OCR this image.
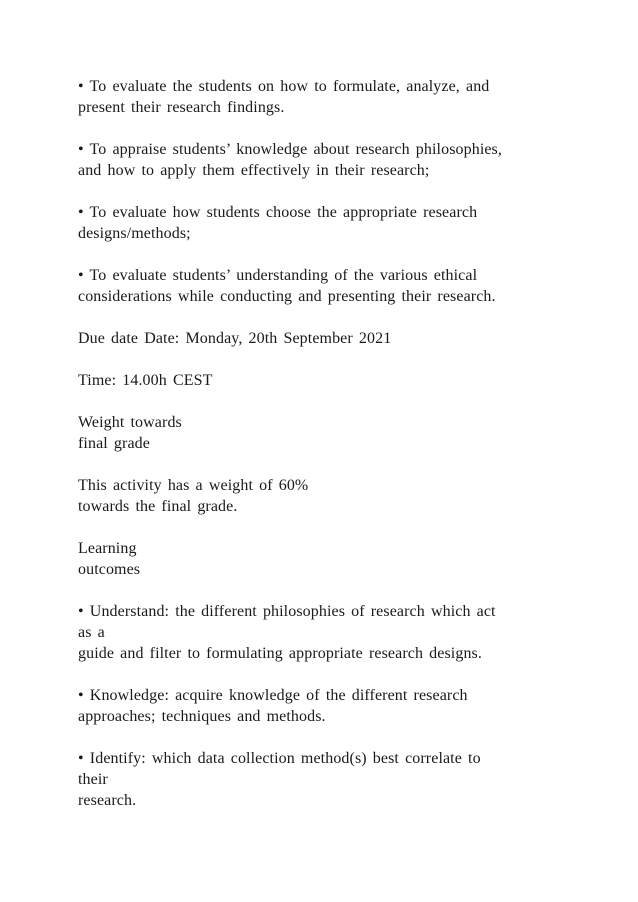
• To evaluate the students on how to formulate, analyze, and
present their research findings.

• To appraise students’ knowledge about research philosophies,
and how to apply them effectively in their research;

• To evaluate how students choose the appropriate research
designs/methods;

• To evaluate students’ understanding of the various ethical
considerations while conducting and presenting their research.

Due date Date: Monday, 20th September 2021

Time: 14.00h CEST

Weight towards
final grade

This activity has a weight of 60%
towards the final grade.

Learning
outcomes

• Understand: the different philosophies of research which act
as a
guide and filter to formulating appropriate research designs.

• Knowledge: acquire knowledge of the different research
approaches; techniques and methods.

• Identify: which data collection method(s) best correlate to
their
research.
